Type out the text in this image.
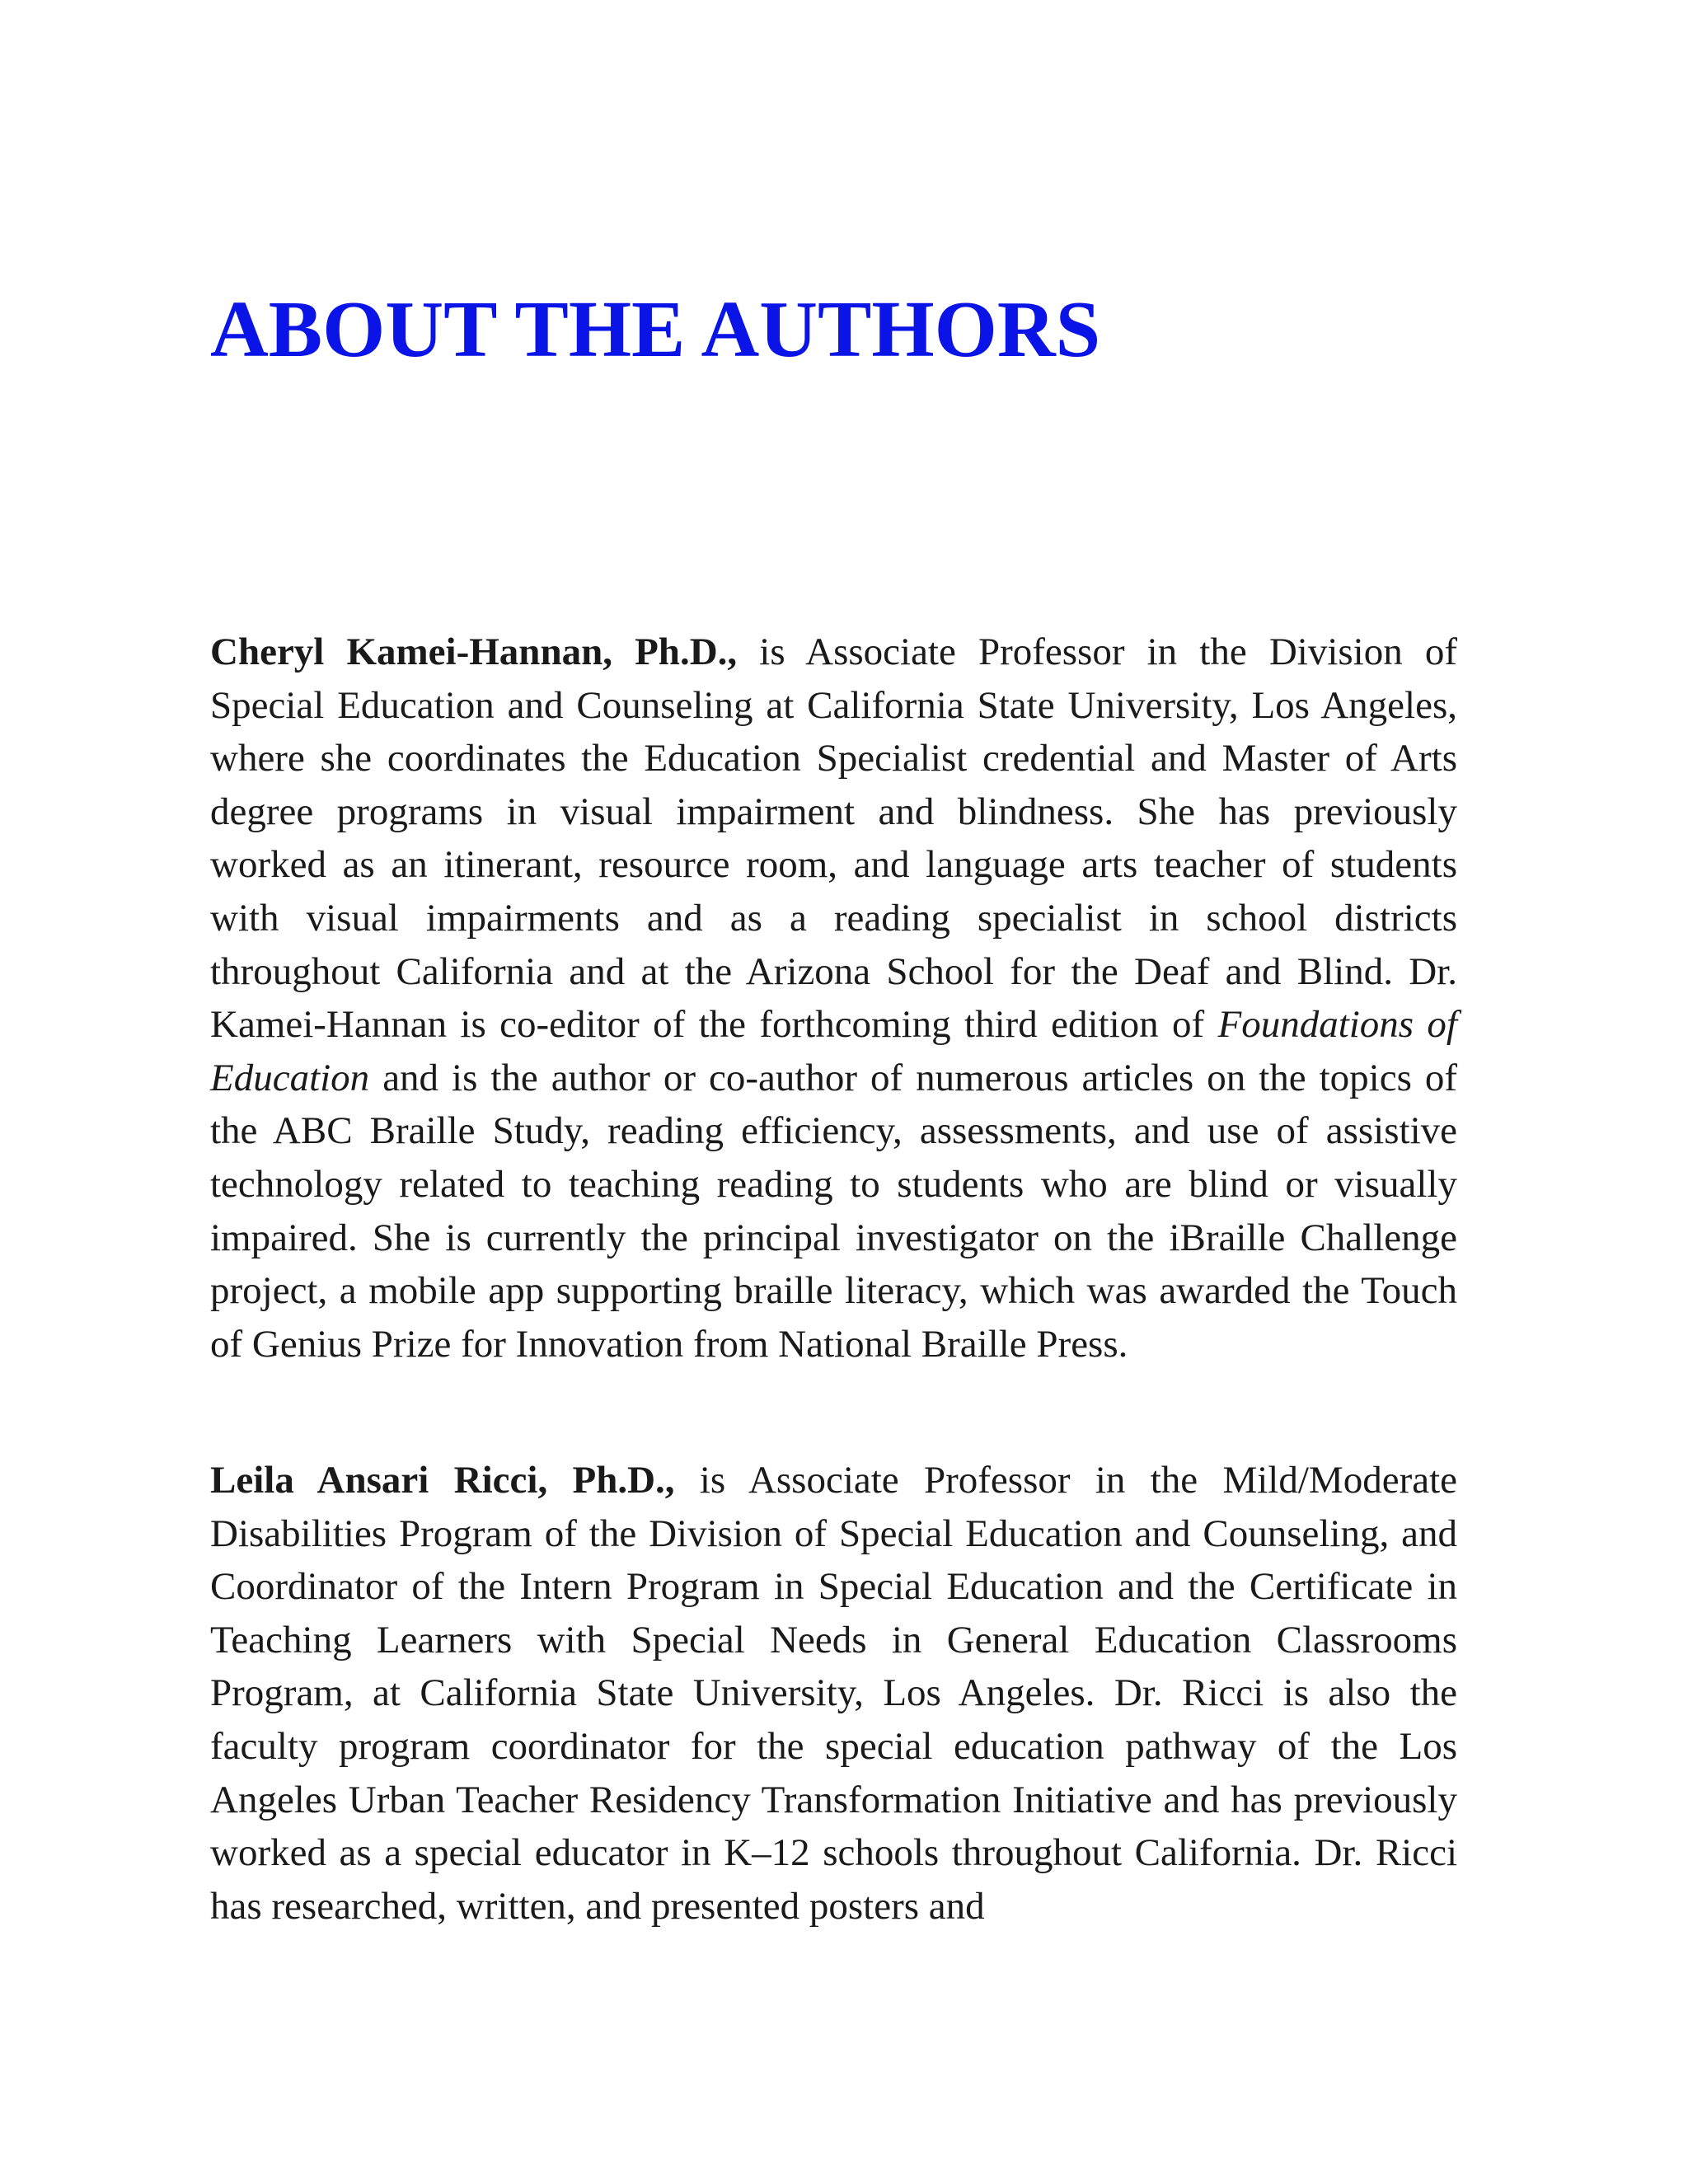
ABOUT THE AUTHORS

Cheryl Kamei-Hannan, Ph.D., is Associate Professor in the Division of Special Education and Counseling at California State University, Los Angeles, where she coordinates the Education Specialist credential and Master of Arts degree programs in visual impairment and blindness. She has previously worked as an itinerant, resource room, and language arts teacher of students with visual impairments and as a reading specialist in school districts throughout California and at the Arizona School for the Deaf and Blind. Dr. Kamei-Hannan is co-editor of the forthcoming third edition of Foundations of Education and is the author or co-author of numerous articles on the topics of the ABC Braille Study, reading efficiency, assessments, and use of assistive technology related to teaching reading to students who are blind or visually impaired. She is currently the principal investigator on the iBraille Challenge project, a mobile app supporting braille literacy, which was awarded the Touch of Genius Prize for Innovation from National Braille Press.

Leila Ansari Ricci, Ph.D., is Associate Professor in the Mild/Moderate Disabilities Program of the Division of Special Education and Counseling, and Coordinator of the Intern Program in Special Education and the Certificate in Teaching Learners with Special Needs in General Education Classrooms Program, at California State University, Los Angeles. Dr. Ricci is also the faculty program coordinator for the special education pathway of the Los Angeles Urban Teacher Residency Transformation Initiative and has previously worked as a special educator in K–12 schools throughout California. Dr. Ricci has researched, written, and presented posters and
